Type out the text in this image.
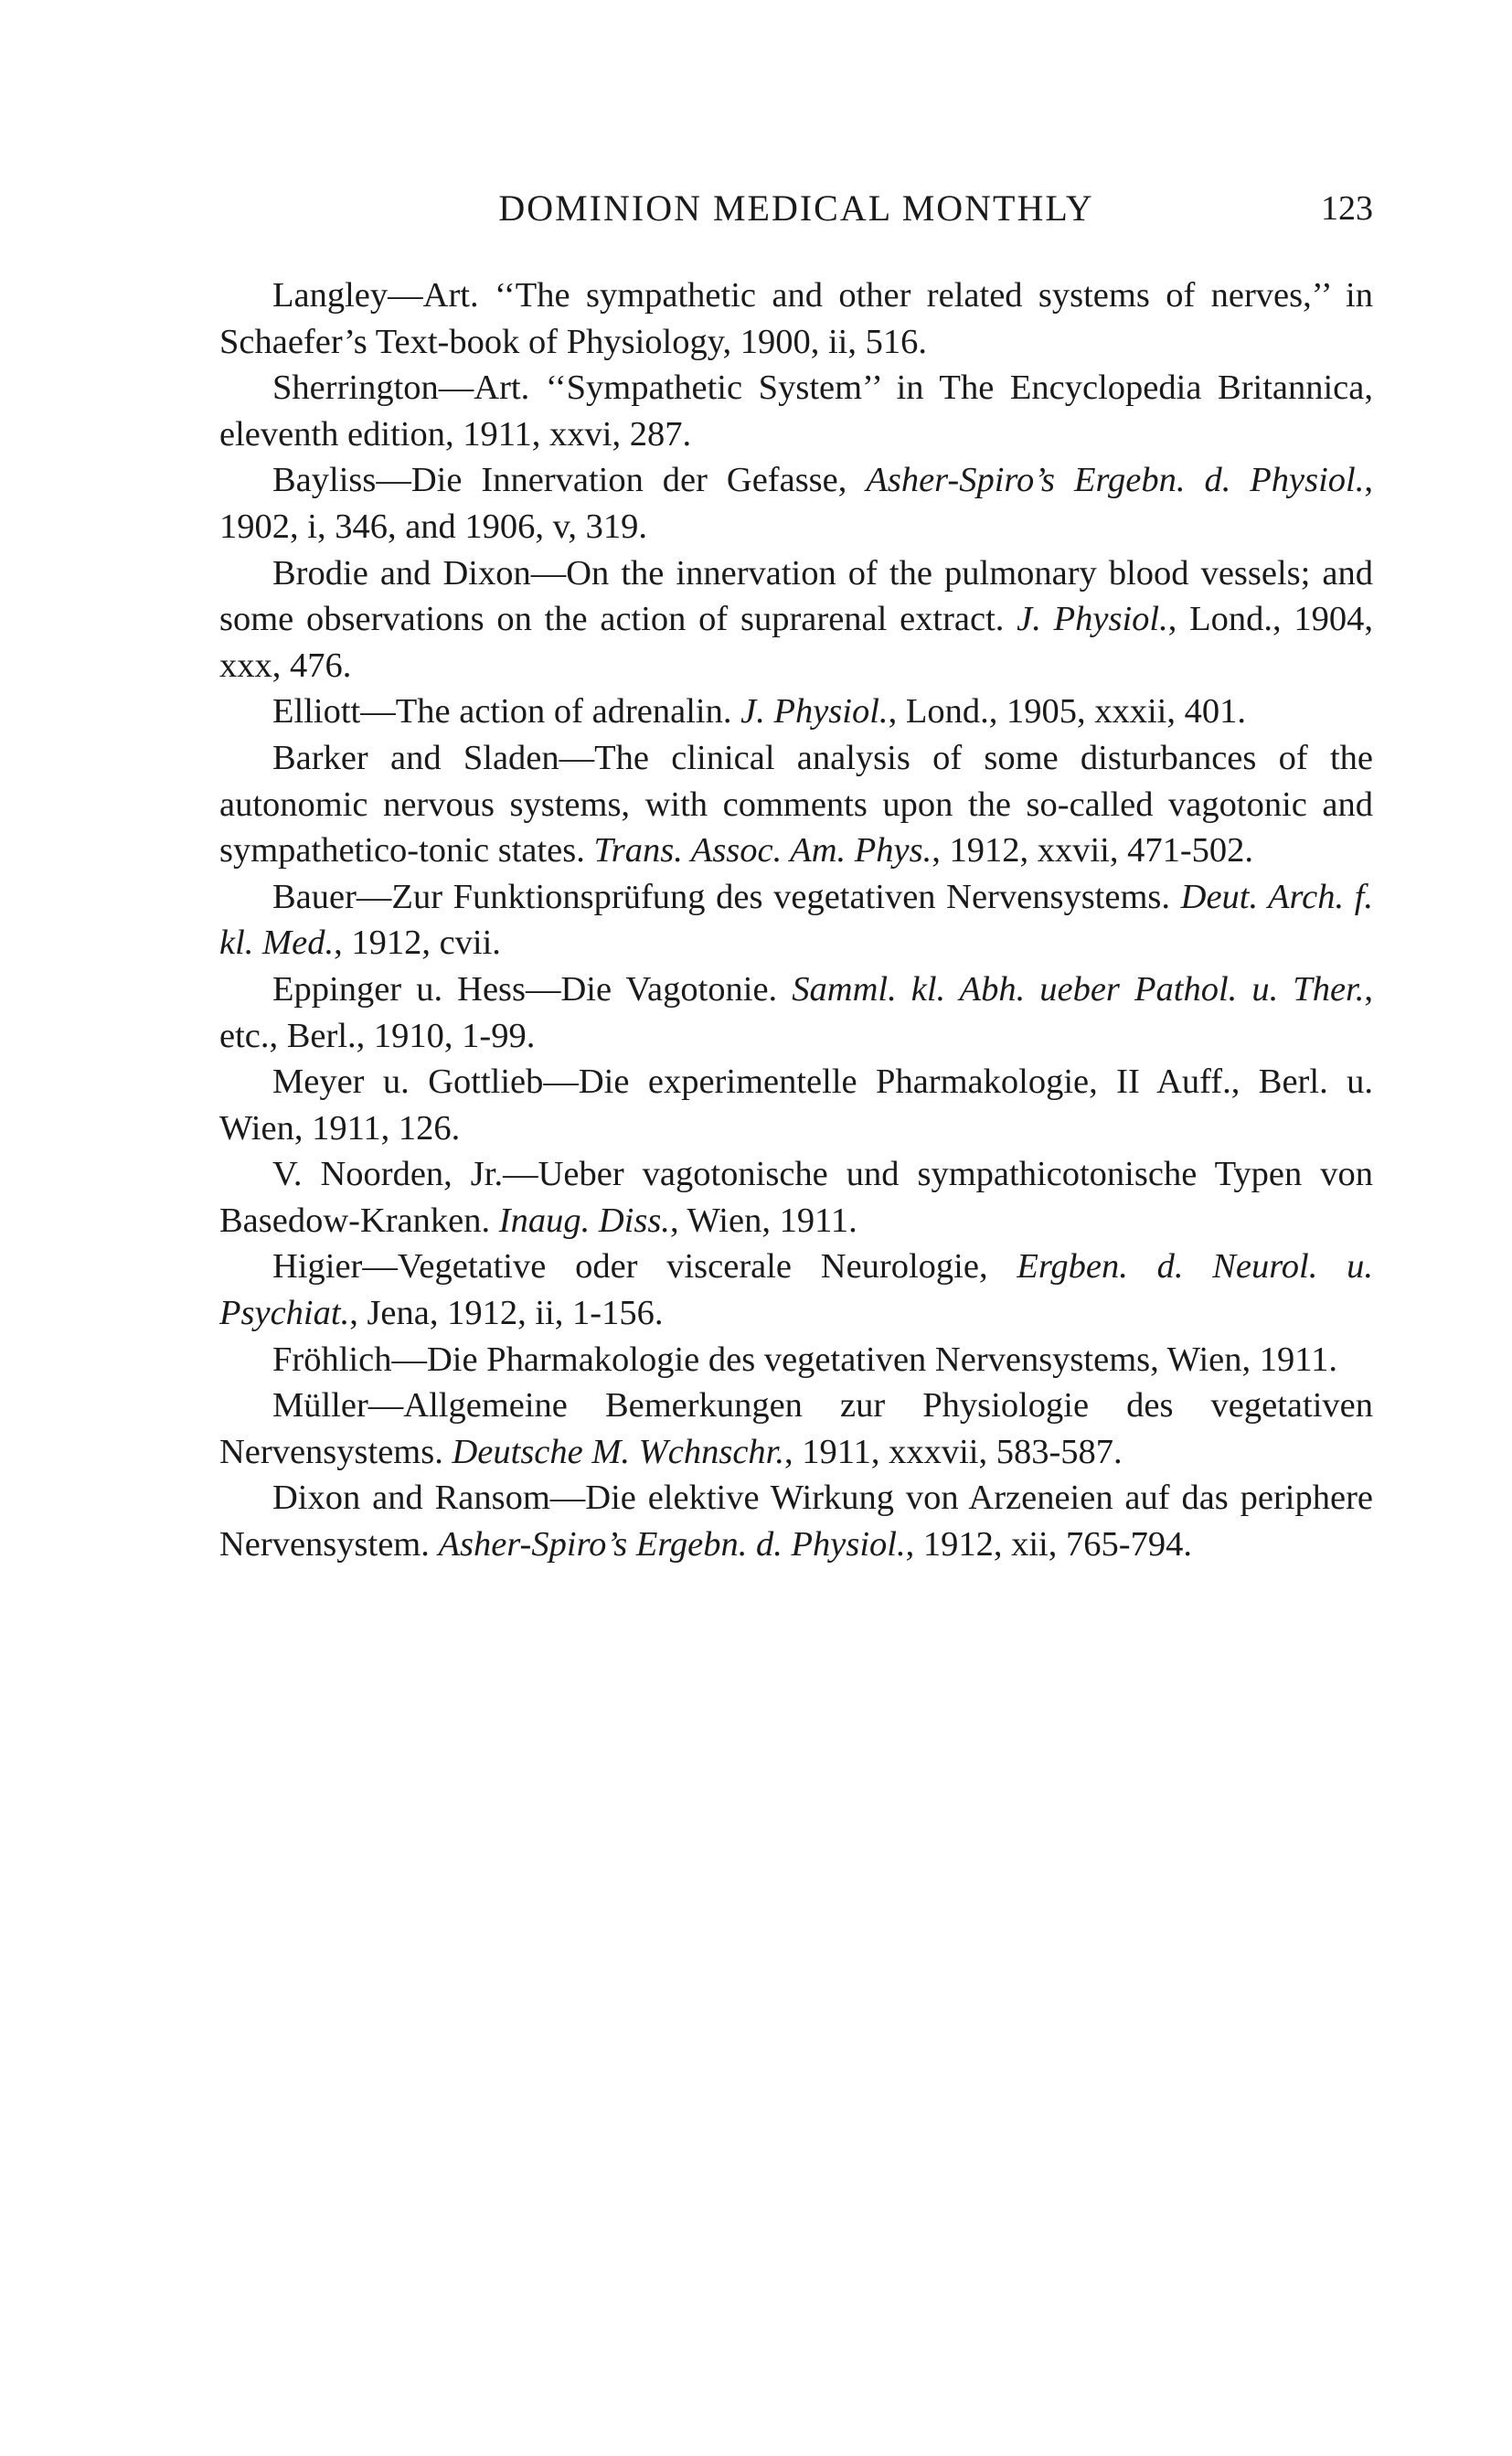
DOMINION MEDICAL MONTHLY	123

Langley—Art. ‘‘The sympathetic and other related systems of nerves,’’ in Schaefer’s Text-book of Physiology, 1900, ii, 516.

Sherrington—Art. ‘‘Sympathetic System’’ in The Encyclopedia Britannica, eleventh edition, 1911, xxvi, 287.

Bayliss—Die Innervation der Gefasse, Asher-Spiro’s Ergebn. d. Physiol., 1902, i, 346, and 1906, v, 319.

Brodie and Dixon—On the innervation of the pulmonary blood vessels; and some observations on the action of suprarenal extract. J. Physiol., Lond., 1904, xxx, 476.

Elliott—The action of adrenalin. J. Physiol., Lond., 1905, xxxii, 401.

Barker and Sladen—The clinical analysis of some disturbances of the autonomic nervous systems, with comments upon the so-called vagotonic and sympathetico-tonic states. Trans. Assoc. Am. Phys., 1912, xxvii, 471-502.

Bauer—Zur Funktionsprüfung des vegetativen Nervensystems. Deut. Arch. f. kl. Med., 1912, cvii.

Eppinger u. Hess—Die Vagotonie. Samml. kl. Abh. ueber Pathol. u. Ther., etc., Berl., 1910, 1-99.

Meyer u. Gottlieb—Die experimentelle Pharmakologie, II Auff., Berl. u. Wien, 1911, 126.

V. Noorden, Jr.—Ueber vagotonische und sympathicotonische Typen von Basedow-Kranken. Inaug. Diss., Wien, 1911.

Higier—Vegetative oder viscerale Neurologie, Ergben. d. Neurol. u. Psychiat., Jena, 1912, ii, 1-156.

Fröhlich—Die Pharmakologie des vegetativen Nervensystems, Wien, 1911.

Müller—Allgemeine Bemerkungen zur Physiologie des vegetativen Nervensystems. Deutsche M. Wchnschr., 1911, xxxvii, 583-587.

Dixon and Ransom—Die elektive Wirkung von Arzeneien auf das periphere Nervensystem. Asher-Spiro’s Ergebn. d. Physiol., 1912, xii, 765-794.
